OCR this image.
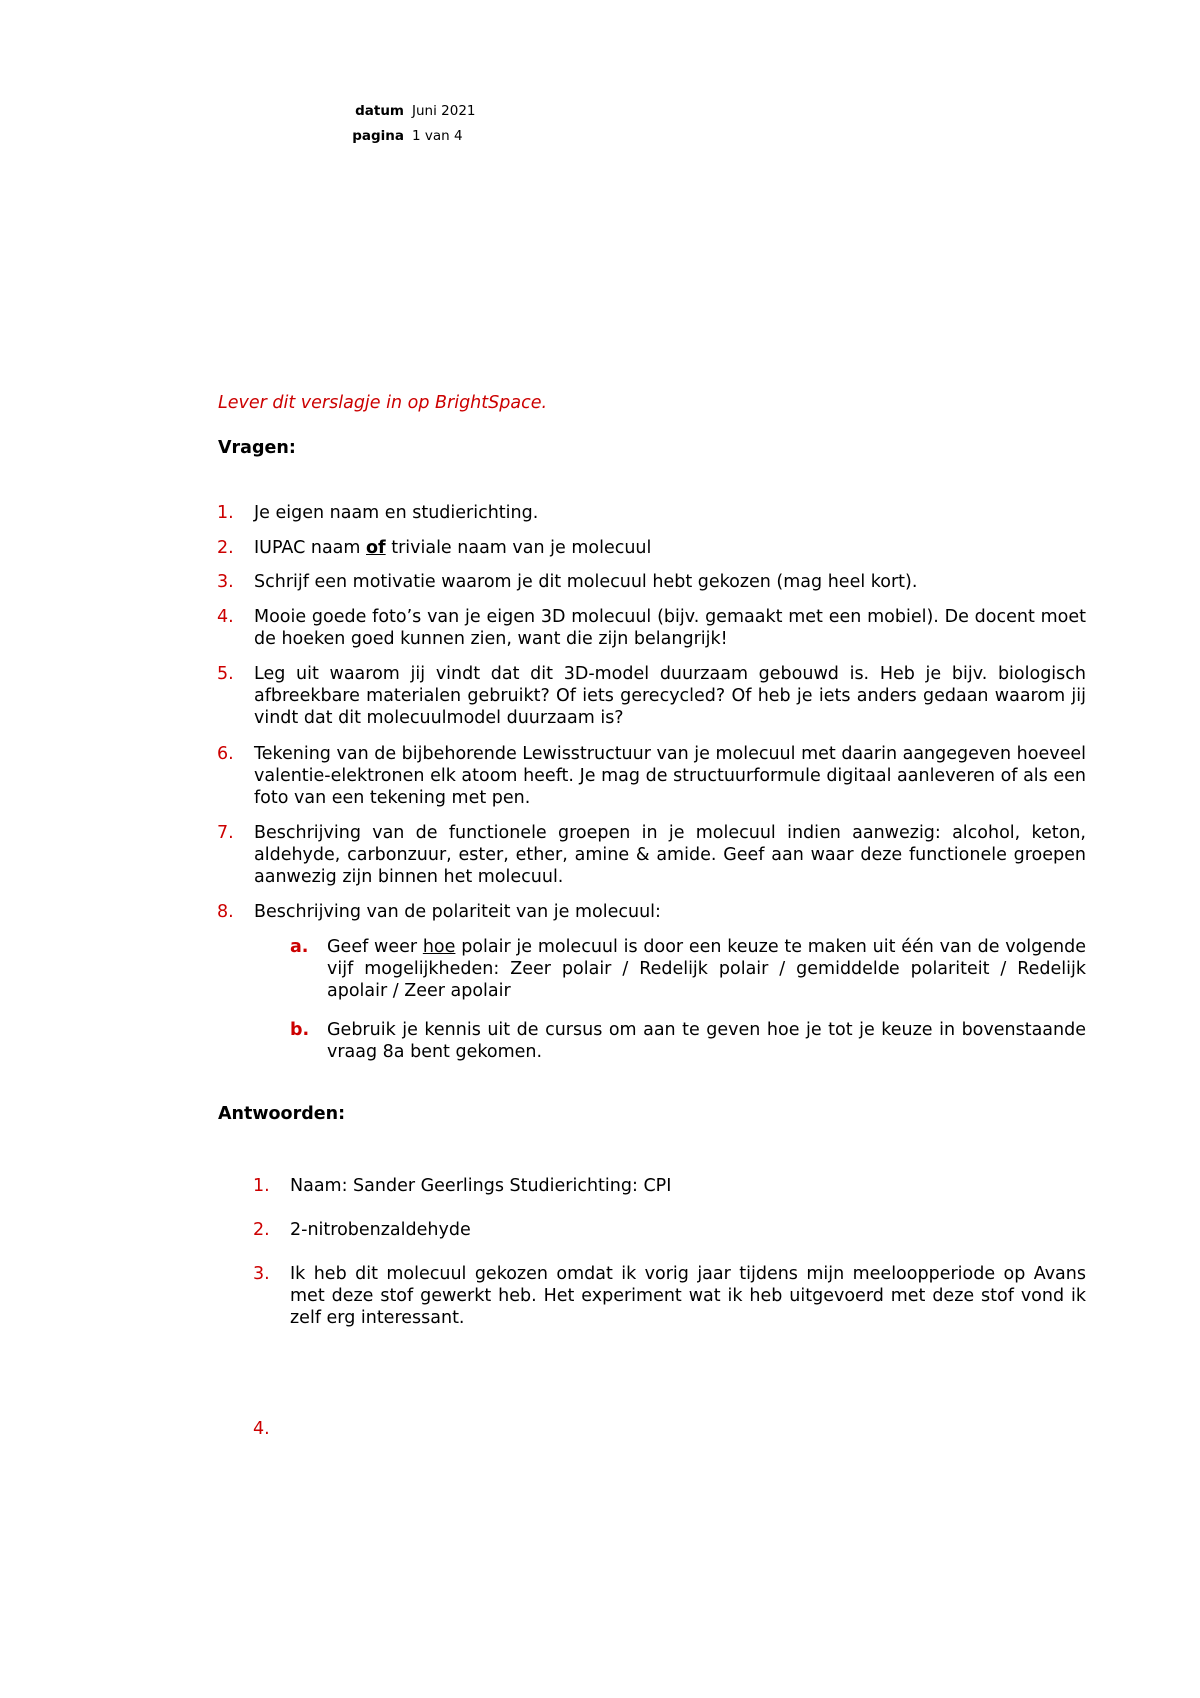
datum Juni 2021
pagina 1 van 4
Lever dit verslagje in op BrightSpace.
Vragen:
1. Je eigen naam en studierichting.
2. IUPAC naam of triviale naam van je molecuul
3. Schrijf een motivatie waarom je dit molecuul hebt gekozen (mag heel kort).
4. Mooie goede foto’s van je eigen 3D molecuul (bijv. gemaakt met een mobiel). De docent moet de hoeken goed kunnen zien, want die zijn belangrijk!
5. Leg uit waarom jij vindt dat dit 3D-model duurzaam gebouwd is. Heb je bijv. biologisch afbreekbare materialen gebruikt? Of iets gerecycled? Of heb je iets anders gedaan waarom jij vindt dat dit molecuulmodel duurzaam is?
6. Tekening van de bijbehorende Lewisstructuur van je molecuul met daarin aangegeven hoeveel valentie-elektronen elk atoom heeft. Je mag de structuurformule digitaal aanleveren of als een foto van een tekening met pen.
7. Beschrijving van de functionele groepen in je molecuul indien aanwezig: alcohol, keton, aldehyde, carbonzuur, ester, ether, amine & amide. Geef aan waar deze functionele groepen aanwezig zijn binnen het molecuul.
8. Beschrijving van de polariteit van je molecuul:
a. Geef weer hoe polair je molecuul is door een keuze te maken uit één van de volgende vijf mogelijkheden: Zeer polair / Redelijk polair / gemiddelde polariteit / Redelijk apolair / Zeer apolair
b. Gebruik je kennis uit de cursus om aan te geven hoe je tot je keuze in bovenstaande vraag 8a bent gekomen.
Antwoorden:
1. Naam: Sander Geerlings Studierichting: CPI
2. 2-nitrobenzaldehyde
3. Ik heb dit molecuul gekozen omdat ik vorig jaar tijdens mijn meeloopperiode op Avans met deze stof gewerkt heb. Het experiment wat ik heb uitgevoerd met deze stof vond ik zelf erg interessant.
4.
